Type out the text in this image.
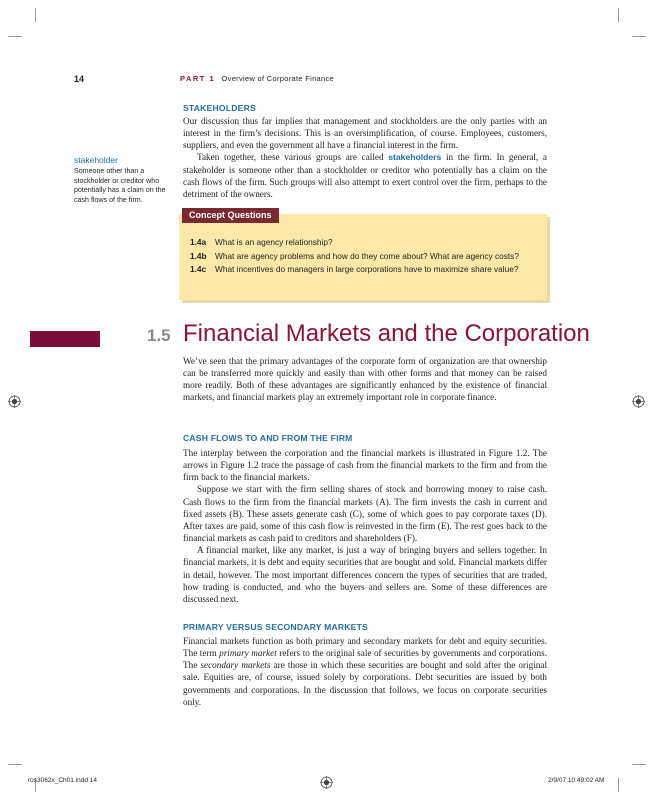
14	PART 1 Overview of Corporate Finance
STAKEHOLDERS

Our discussion thus far implies that management and stockholders are the only parties with an interest in the firm’s decisions. This is an oversimplification, of course. Employees, customers, suppliers, and even the government all have a financial interest in the firm.

Taken together, these various groups are called stakeholders in the firm. In general, a stakeholder is someone other than a stockholder or creditor who potentially has a claim on the cash flows of the firm. Such groups will also attempt to exert control over the firm, perhaps to the detriment of the owners.

stakeholder
Someone other than a stockholder or creditor who potentially has a claim on the cash flows of the firm.
Concept Questions
1.4a What is an agency relationship?
1.4b What are agency problems and how do they come about? What are agency costs?
1.4c What incentives do managers in large corporations have to maximize share value?
1.5 Financial Markets and the Corporation

We’ve seen that the primary advantages of the corporate form of organization are that ownership can be transferred more quickly and easily than with other forms and that money can be raised more readily. Both of these advantages are significantly enhanced by the existence of financial markets, and financial markets play an extremely important role in corporate finance.

CASH FLOWS TO AND FROM THE FIRM

The interplay between the corporation and the financial markets is illustrated in Figure 1.2. The arrows in Figure 1.2 trace the passage of cash from the financial markets to the firm and from the firm back to the financial markets.

Suppose we start with the firm selling shares of stock and borrowing money to raise cash. Cash flows to the firm from the financial markets (A). The firm invests the cash in current and fixed assets (B). These assets generate cash (C), some of which goes to pay corporate taxes (D). After taxes are paid, some of this cash flow is reinvested in the firm (E). The rest goes back to the financial markets as cash paid to creditors and shareholders (F).

A financial market, like any market, is just a way of bringing buyers and sellers together. In financial markets, it is debt and equity securities that are bought and sold. Financial markets differ in detail, however. The most important differences concern the types of securities that are traded, how trading is conducted, and who the buyers and sellers are. Some of these differences are discussed next.

PRIMARY VERSUS SECONDARY MARKETS

Financial markets function as both primary and secondary markets for debt and equity securities. The term primary market refers to the original sale of securities by governments and corporations. The secondary markets are those in which these securities are bought and sold after the original sale. Equities are, of course, issued solely by corporations. Debt securities are issued by both governments and corporations. In the discussion that follows, we focus on corporate securities only.

ros3062x_Ch01.indd 14	2/9/07 10:49:02 AM
